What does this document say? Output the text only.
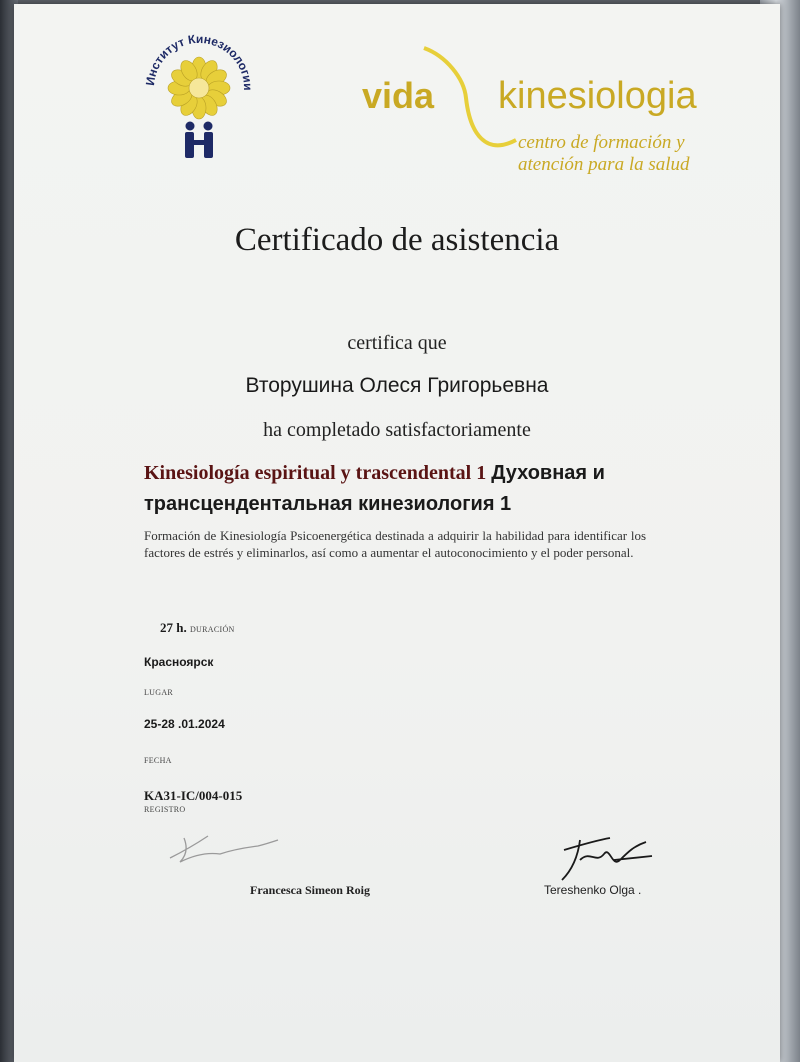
Институт Кинезиологии	vida kinesiologia
centro de formación y
atención para la salud
Certificado de asistencia
certifica que
Вторушина Олеся Григорьевна
ha completado satisfactoriamente
Kinesiología espiritual y trascendental 1 Духовная и трансцендентальная кинезиология 1
Formación de Kinesiología Psicoenergética destinada a adquirir la habilidad para identificar los factores de estrés y eliminarlos, así como a aumentar el autoconocimiento y el poder personal.
27 h. DURACIÓN
Красноярск
LUGAR
25-28 .01.2024
FECHA
KA31-IC/004-015
REGISTRO
Francesca Simeon Roig	Tereshenko Olga .
